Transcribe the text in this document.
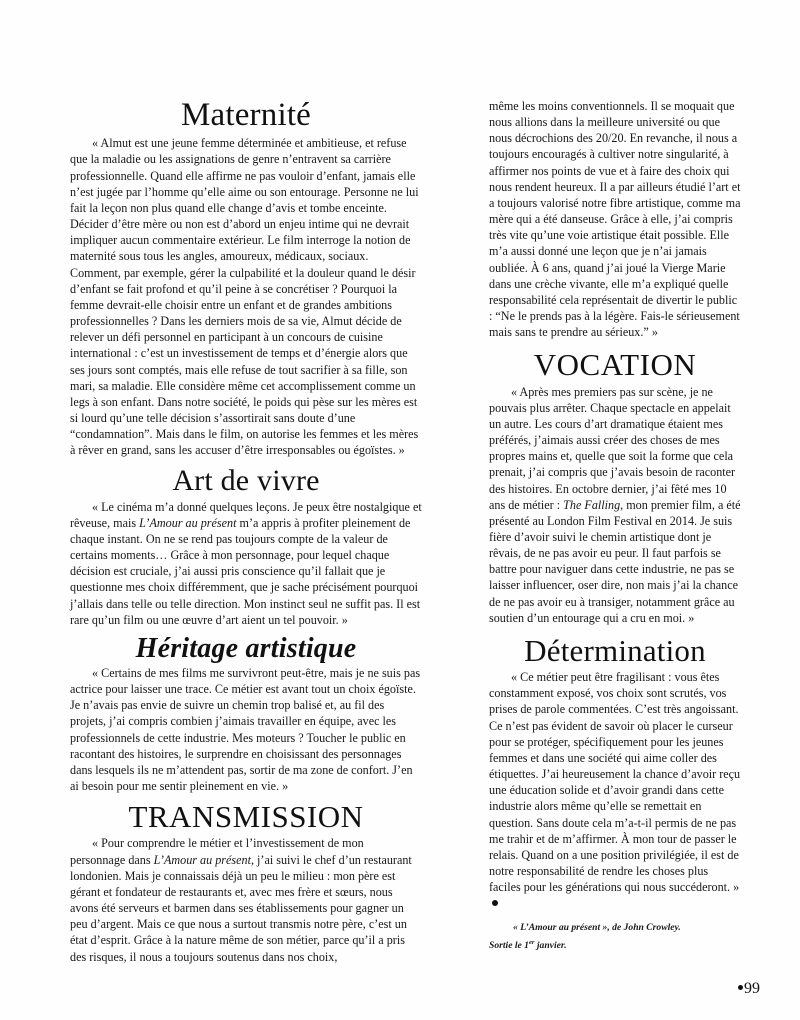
Maternité

« Almut est une jeune femme déterminée et ambitieuse, et refuse que la maladie ou les assignations de genre n’entravent sa carrière professionnelle. Quand elle affirme ne pas vouloir d’enfant, jamais elle n’est jugée par l’homme qu’elle aime ou son entourage. Personne ne lui fait la leçon non plus quand elle change d’avis et tombe enceinte. Décider d’être mère ou non est d’abord un enjeu intime qui ne devrait impliquer aucun commentaire extérieur. Le film interroge la notion de maternité sous tous les angles, amoureux, médicaux, sociaux. Comment, par exemple, gérer la culpabilité et la douleur quand le désir d’enfant se fait profond et qu’il peine à se concrétiser ? Pourquoi la femme devrait-elle choisir entre un enfant et de grandes ambitions professionnelles ? Dans les derniers mois de sa vie, Almut décide de relever un défi personnel en participant à un concours de cuisine international : c’est un investissement de temps et d’énergie alors que ses jours sont comptés, mais elle refuse de tout sacrifier à sa fille, son mari, sa maladie. Elle considère même cet accomplissement comme un legs à son enfant. Dans notre société, le poids qui pèse sur les mères est si lourd qu’une telle décision s’assortirait sans doute d’une “condamnation”. Mais dans le film, on autorise les femmes et les mères à rêver en grand, sans les accuser d’être irresponsables ou égoïstes. »

Art de vivre

« Le cinéma m’a donné quelques leçons. Je peux être nostalgique et rêveuse, mais L’Amour au présent m’a appris à profiter pleinement de chaque instant. On ne se rend pas toujours compte de la valeur de certains moments… Grâce à mon personnage, pour lequel chaque décision est cruciale, j’ai aussi pris conscience qu’il fallait que je questionne mes choix différemment, que je sache précisément pourquoi j’allais dans telle ou telle direction. Mon instinct seul ne suffit pas. Il est rare qu’un film ou une œuvre d’art aient un tel pouvoir. »

Héritage artistique

« Certains de mes films me survivront peut-être, mais je ne suis pas actrice pour laisser une trace. Ce métier est avant tout un choix égoïste. Je n’avais pas envie de suivre un chemin trop balisé et, au fil des projets, j’ai compris combien j’aimais travailler en équipe, avec les professionnels de cette industrie. Mes moteurs ? Toucher le public en racontant des histoires, le surprendre en choisissant des personnages dans lesquels ils ne m’attendent pas, sortir de ma zone de confort. J’en ai besoin pour me sentir pleinement en vie. »

TRANSMISSION

« Pour comprendre le métier et l’investissement de mon personnage dans L’Amour au présent, j’ai suivi le chef d’un restaurant londonien. Mais je connaissais déjà un peu le milieu : mon père est gérant et fondateur de restaurants et, avec mes frère et sœurs, nous avons été serveurs et barmen dans ses établissements pour gagner un peu d’argent. Mais ce que nous a surtout transmis notre père, c’est un état d’esprit. Grâce à la nature même de son métier, parce qu’il a pris des risques, il nous a toujours soutenus dans nos choix,

même les moins conventionnels. Il se moquait que nous allions dans la meilleure université ou que nous décrochions des 20/20. En revanche, il nous a toujours encouragés à cultiver notre singularité, à affirmer nos points de vue et à faire des choix qui nous rendent heureux. Il a par ailleurs étudié l’art et a toujours valorisé notre fibre artistique, comme ma mère qui a été danseuse. Grâce à elle, j’ai compris très vite qu’une voie artistique était possible. Elle m’a aussi donné une leçon que je n’ai jamais oubliée. À 6 ans, quand j’ai joué la Vierge Marie dans une crèche vivante, elle m’a expliqué quelle responsabilité cela représentait de divertir le public : “Ne le prends pas à la légère. Fais-le sérieusement mais sans te prendre au sérieux.” »

VOCATION

« Après mes premiers pas sur scène, je ne pouvais plus arrêter. Chaque spectacle en appelait un autre. Les cours d’art dramatique étaient mes préférés, j’aimais aussi créer des choses de mes propres mains et, quelle que soit la forme que cela prenait, j’ai compris que j’avais besoin de raconter des histoires. En octobre dernier, j’ai fêté mes 10 ans de métier : The Falling, mon premier film, a été présenté au London Film Festival en 2014. Je suis fière d’avoir suivi le chemin artistique dont je rêvais, de ne pas avoir eu peur. Il faut parfois se battre pour naviguer dans cette industrie, ne pas se laisser influencer, oser dire, non mais j’ai la chance de ne pas avoir eu à transiger, notamment grâce au soutien d’un entourage qui a cru en moi. »

Détermination

« Ce métier peut être fragilisant : vous êtes constamment exposé, vos choix sont scrutés, vos prises de parole commentées. C’est très angoissant. Ce n’est pas évident de savoir où placer le curseur pour se protéger, spécifiquement pour les jeunes femmes et dans une société qui aime coller des étiquettes. J’ai heureusement la chance d’avoir reçu une éducation solide et d’avoir grandi dans cette industrie alors même qu’elle se remettait en question. Sans doute cela m’a-t-il permis de ne pas me trahir et de m’affirmer. À mon tour de passer le relais. Quand on a une position privilégiée, il est de notre responsabilité de rendre les choses plus faciles pour les générations qui nous succéderont. »

« L’Amour au présent », de John Crowley.
Sortie le 1er janvier.
99
